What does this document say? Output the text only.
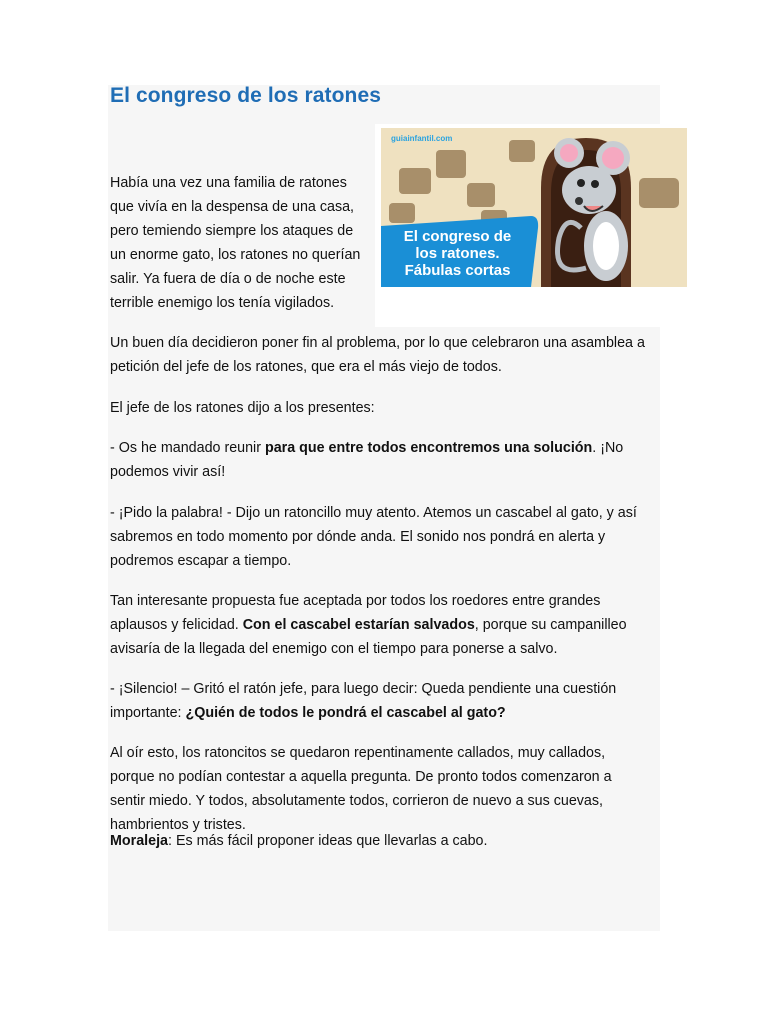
El congreso de los ratones
guiainfantil.com
El congreso de
los ratones.
Fábulas cortas

Había una vez una familia de ratones que vivía en la despensa de una casa, pero temiendo siempre los ataques de un enorme gato, los ratones no querían salir. Ya fuera de día o de noche este terrible enemigo los tenía vigilados.

Un buen día decidieron poner fin al problema, por lo que celebraron una asamblea a petición del jefe de los ratones, que era el más viejo de todos.

El jefe de los ratones dijo a los presentes:

- Os he mandado reunir para que entre todos encontremos una solución. ¡No podemos vivir así!

- ¡Pido la palabra! - Dijo un ratoncillo muy atento. Atemos un cascabel al gato, y así sabremos en todo momento por dónde anda. El sonido nos pondrá en alerta y podremos escapar a tiempo.

Tan interesante propuesta fue aceptada por todos los roedores entre grandes aplausos y felicidad. Con el cascabel estarían salvados, porque su campanilleo avisaría de la llegada del enemigo con el tiempo para ponerse a salvo.

- ¡Silencio! – Gritó el ratón jefe, para luego decir: Queda pendiente una cuestión importante: ¿Quién de todos le pondrá el cascabel al gato?

Al oír esto, los ratoncitos se quedaron repentinamente callados, muy callados, porque no podían contestar a aquella pregunta. De pronto todos comenzaron a sentir miedo. Y todos, absolutamente todos, corrieron de nuevo a sus cuevas, hambrientos y tristes.

Moraleja: Es más fácil proponer ideas que llevarlas a cabo.
